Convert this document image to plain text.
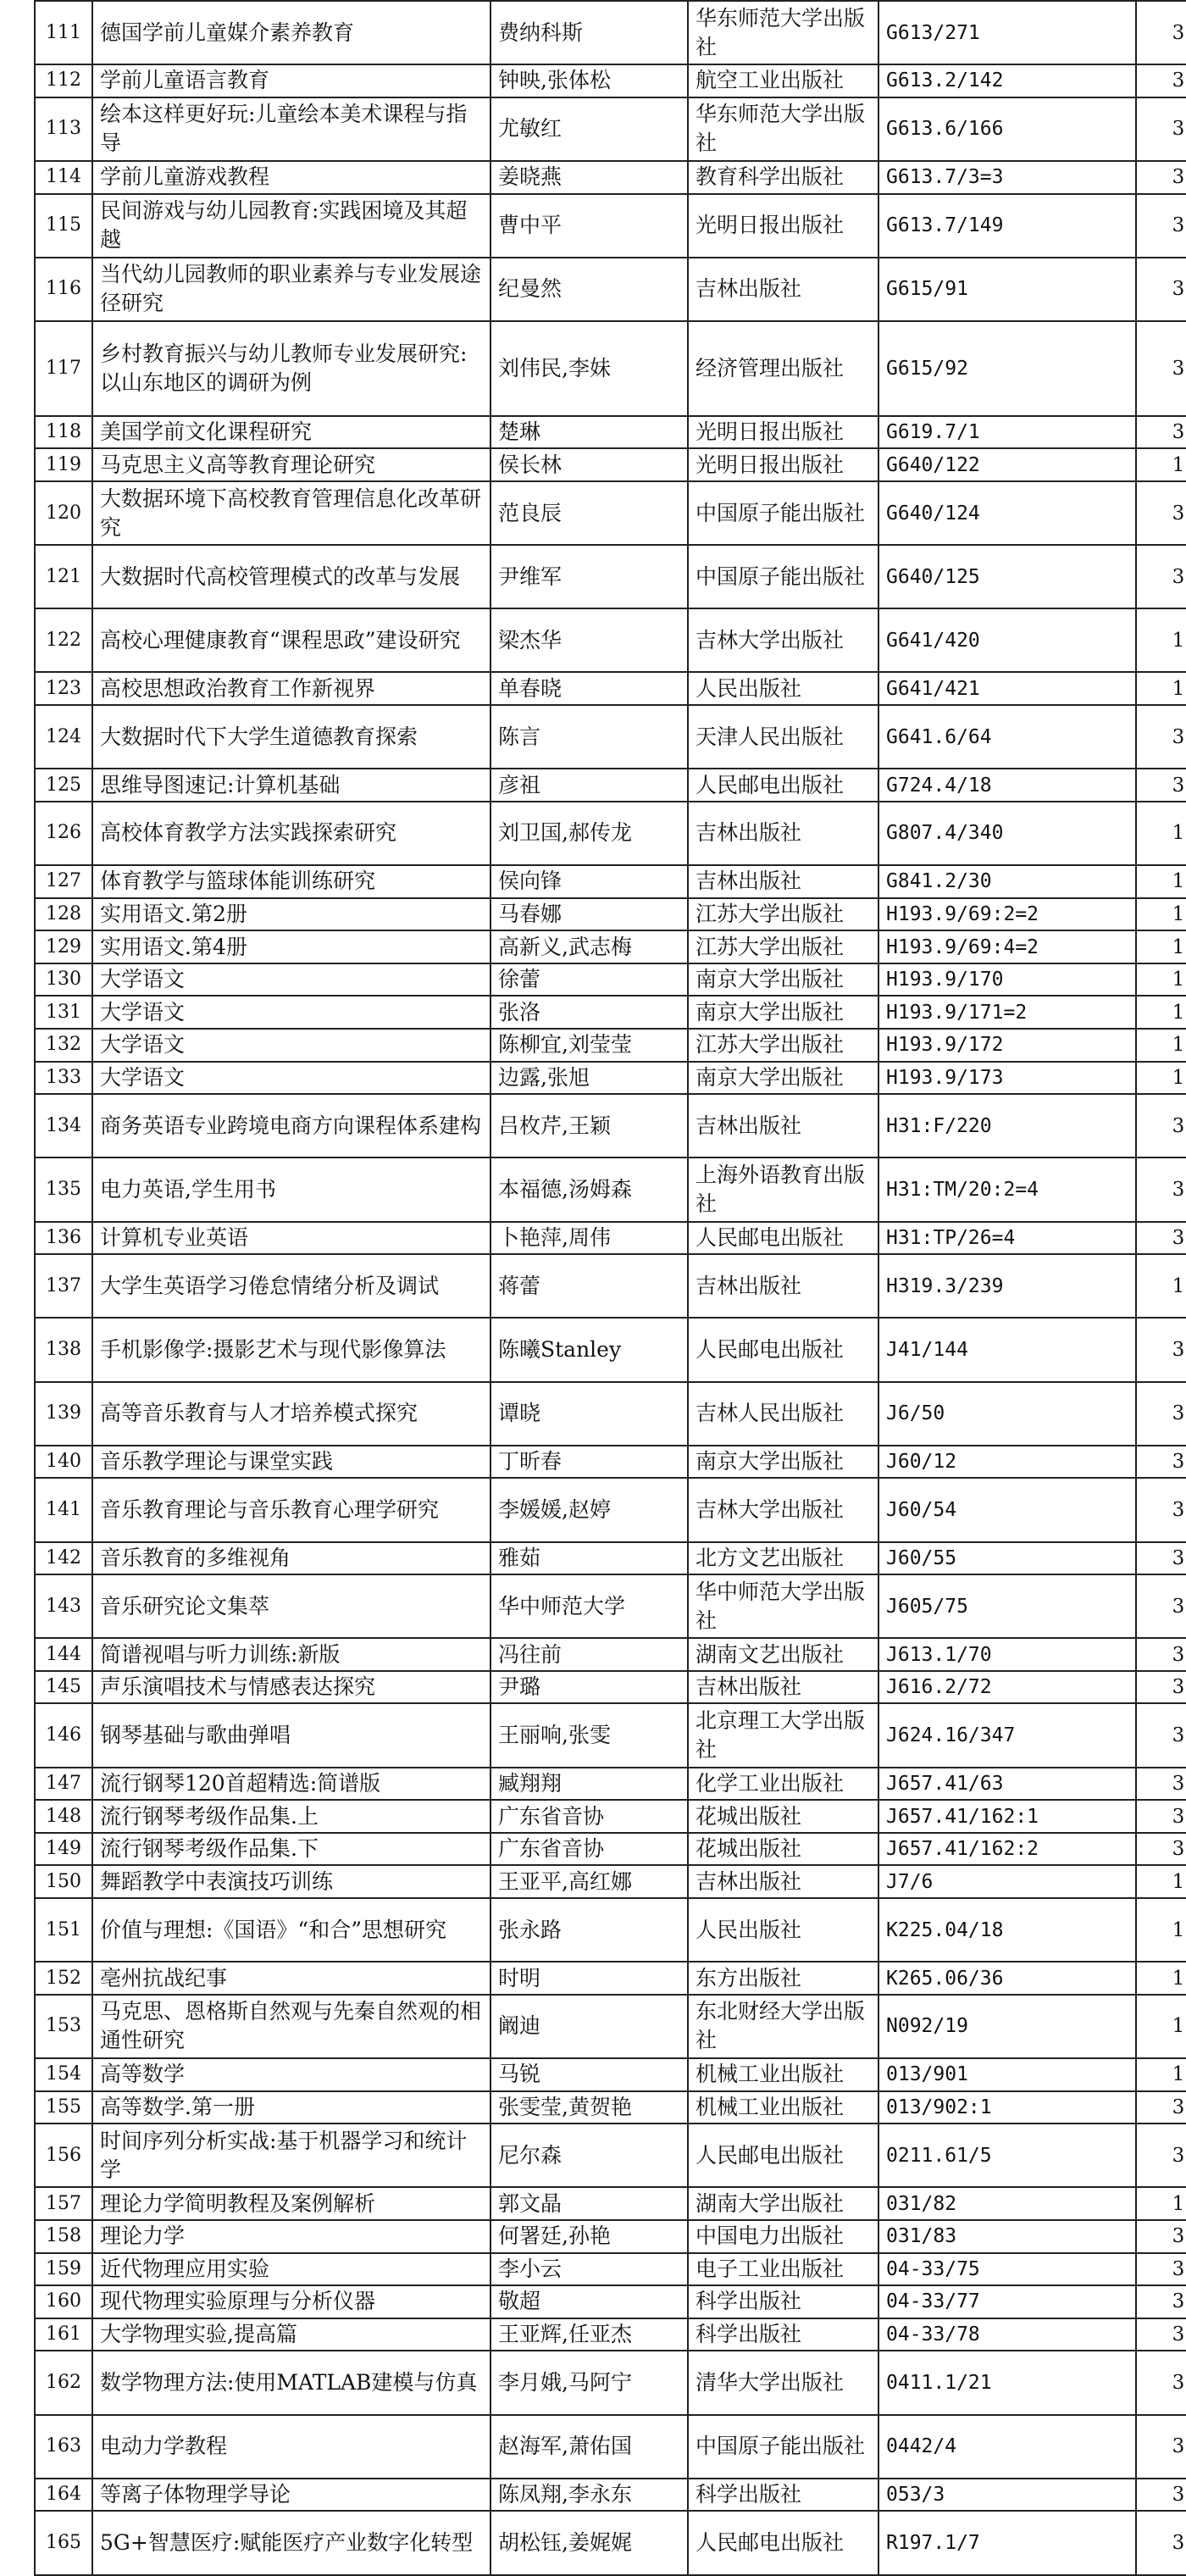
111	德国学前儿童媒介素养教育	费纳科斯	华东师范大学出版社	G613/271	3
112	学前儿童语言教育	钟映,张体松	航空工业出版社	G613.2/142	3
113	绘本这样更好玩:儿童绘本美术课程与指导	尤敏红	华东师范大学出版社	G613.6/166	3
114	学前儿童游戏教程	姜晓燕	教育科学出版社	G613.7/3=3	3
115	民间游戏与幼儿园教育:实践困境及其超越	曹中平	光明日报出版社	G613.7/149	3
116	当代幼儿园教师的职业素养与专业发展途径研究	纪曼然	吉林出版社	G615/91	3
117	乡村教育振兴与幼儿教师专业发展研究:以山东地区的调研为例	刘伟民,李妹	经济管理出版社	G615/92	3
118	美国学前文化课程研究	楚琳	光明日报出版社	G619.7/1	3
119	马克思主义高等教育理论研究	侯长林	光明日报出版社	G640/122	1
120	大数据环境下高校教育管理信息化改革研究	范良辰	中国原子能出版社	G640/124	3
121	大数据时代高校管理模式的改革与发展	尹维军	中国原子能出版社	G640/125	3
122	高校心理健康教育“课程思政”建设研究	梁杰华	吉林大学出版社	G641/420	1
123	高校思想政治教育工作新视界	单春晓	人民出版社	G641/421	1
124	大数据时代下大学生道德教育探索	陈言	天津人民出版社	G641.6/64	3
125	思维导图速记:计算机基础	彦祖	人民邮电出版社	G724.4/18	3
126	高校体育教学方法实践探索研究	刘卫国,郝传龙	吉林出版社	G807.4/340	1
127	体育教学与篮球体能训练研究	侯向锋	吉林出版社	G841.2/30	1
128	实用语文.第2册	马春娜	江苏大学出版社	H193.9/69:2=2	1
129	实用语文.第4册	高新义,武志梅	江苏大学出版社	H193.9/69:4=2	1
130	大学语文	徐蕾	南京大学出版社	H193.9/170	1
131	大学语文	张洛	南京大学出版社	H193.9/171=2	1
132	大学语文	陈柳宜,刘莹莹	江苏大学出版社	H193.9/172	1
133	大学语文	边露,张旭	南京大学出版社	H193.9/173	1
134	商务英语专业跨境电商方向课程体系建构	吕枚芹,王颖	吉林出版社	H31:F/220	3
135	电力英语,学生用书	本福德,汤姆森	上海外语教育出版社	H31:TM/20:2=4	3
136	计算机专业英语	卜艳萍,周伟	人民邮电出版社	H31:TP/26=4	3
137	大学生英语学习倦怠情绪分析及调试	蒋蕾	吉林出版社	H319.3/239	1
138	手机影像学:摄影艺术与现代影像算法	陈曦Stanley	人民邮电出版社	J41/144	3
139	高等音乐教育与人才培养模式探究	谭晓	吉林人民出版社	J6/50	3
140	音乐教学理论与课堂实践	丁昕春	南京大学出版社	J60/12	3
141	音乐教育理论与音乐教育心理学研究	李媛媛,赵婷	吉林大学出版社	J60/54	3
142	音乐教育的多维视角	雅茹	北方文艺出版社	J60/55	3
143	音乐研究论文集萃	华中师范大学	华中师范大学出版社	J605/75	3
144	简谱视唱与听力训练:新版	冯往前	湖南文艺出版社	J613.1/70	3
145	声乐演唱技术与情感表达探究	尹璐	吉林出版社	J616.2/72	3
146	钢琴基础与歌曲弹唱	王丽响,张雯	北京理工大学出版社	J624.16/347	3
147	流行钢琴120首超精选:简谱版	臧翔翔	化学工业出版社	J657.41/63	3
148	流行钢琴考级作品集.上	广东省音协	花城出版社	J657.41/162:1	3
149	流行钢琴考级作品集.下	广东省音协	花城出版社	J657.41/162:2	3
150	舞蹈教学中表演技巧训练	王亚平,高红娜	吉林出版社	J7/6	1
151	价值与理想:《国语》“和合”思想研究	张永路	人民出版社	K225.04/18	1
152	亳州抗战纪事	时明	东方出版社	K265.06/36	1
153	马克思、恩格斯自然观与先秦自然观的相通性研究	阚迪	东北财经大学出版社	N092/19	1
154	高等数学	马锐	机械工业出版社	013/901	1
155	高等数学.第一册	张雯莹,黄贺艳	机械工业出版社	013/902:1	3
156	时间序列分析实战:基于机器学习和统计学	尼尔森	人民邮电出版社	0211.61/5	3
157	理论力学简明教程及案例解析	郭文晶	湖南大学出版社	031/82	1
158	理论力学	何署廷,孙艳	中国电力出版社	031/83	3
159	近代物理应用实验	李小云	电子工业出版社	04-33/75	3
160	现代物理实验原理与分析仪器	敬超	科学出版社	04-33/77	3
161	大学物理实验,提高篇	王亚辉,任亚杰	科学出版社	04-33/78	3
162	数学物理方法:使用MATLAB建模与仿真	李月娥,马阿宁	清华大学出版社	0411.1/21	3
163	电动力学教程	赵海军,萧佑国	中国原子能出版社	0442/4	3
164	等离子体物理学导论	陈凤翔,李永东	科学出版社	053/3	3
165	5G+智慧医疗:赋能医疗产业数字化转型	胡松钰,姜娓娓	人民邮电出版社	R197.1/7	3
